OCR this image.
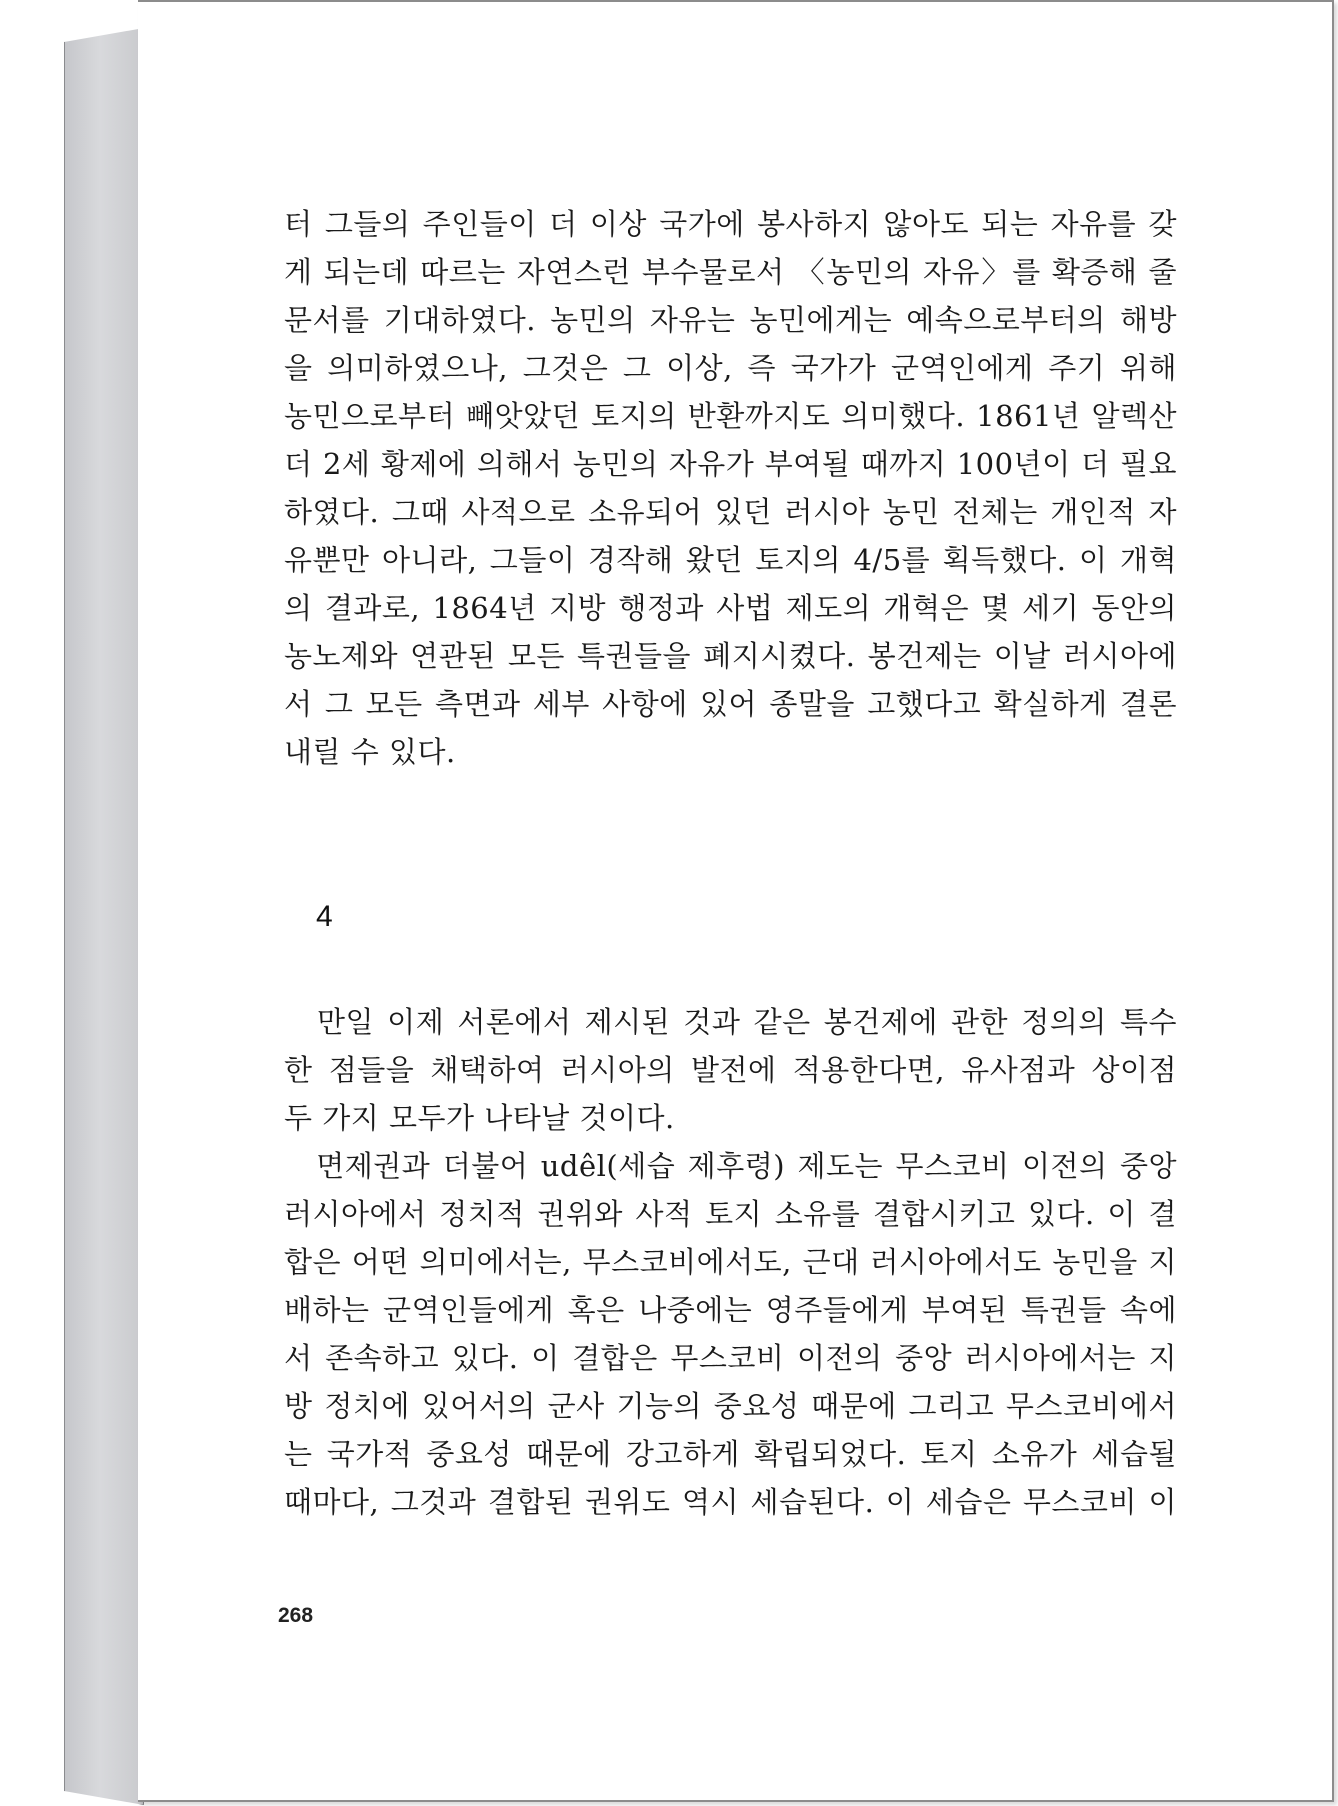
터 그들의 주인들이 더 이상 국가에 봉사하지 않아도 되는 자유를 갖
게 되는데 따르는 자연스런 부수물로서 〈농민의 자유〉를 확증해 줄
문서를 기대하였다. 농민의 자유는 농민에게는 예속으로부터의 해방
을 의미하였으나, 그것은 그 이상, 즉 국가가 군역인에게 주기 위해
농민으로부터 빼앗았던 토지의 반환까지도 의미했다. 1861년 알렉산
더 2세 황제에 의해서 농민의 자유가 부여될 때까지 100년이 더 필요
하였다. 그때 사적으로 소유되어 있던 러시아 농민 전체는 개인적 자
유뿐만 아니라, 그들이 경작해 왔던 토지의 4/5를 획득했다. 이 개혁
의 결과로, 1864년 지방 행정과 사법 제도의 개혁은 몇 세기 동안의
농노제와 연관된 모든 특권들을 폐지시켰다. 봉건제는 이날 러시아에
서 그 모든 측면과 세부 사항에 있어 종말을 고했다고 확실하게 결론
내릴 수 있다.
4
　만일 이제 서론에서 제시된 것과 같은 봉건제에 관한 정의의 특수
한 점들을 채택하여 러시아의 발전에 적용한다면, 유사점과 상이점
두 가지 모두가 나타날 것이다.
　면제권과 더불어 udêl(세습 제후령) 제도는 무스코비 이전의 중앙
러시아에서 정치적 권위와 사적 토지 소유를 결합시키고 있다. 이 결
합은 어떤 의미에서는, 무스코비에서도, 근대 러시아에서도 농민을 지
배하는 군역인들에게 혹은 나중에는 영주들에게 부여된 특권들 속에
서 존속하고 있다. 이 결합은 무스코비 이전의 중앙 러시아에서는 지
방 정치에 있어서의 군사 기능의 중요성 때문에 그리고 무스코비에서
는 국가적 중요성 때문에 강고하게 확립되었다. 토지 소유가 세습될
때마다, 그것과 결합된 권위도 역시 세습된다. 이 세습은 무스코비 이
268
